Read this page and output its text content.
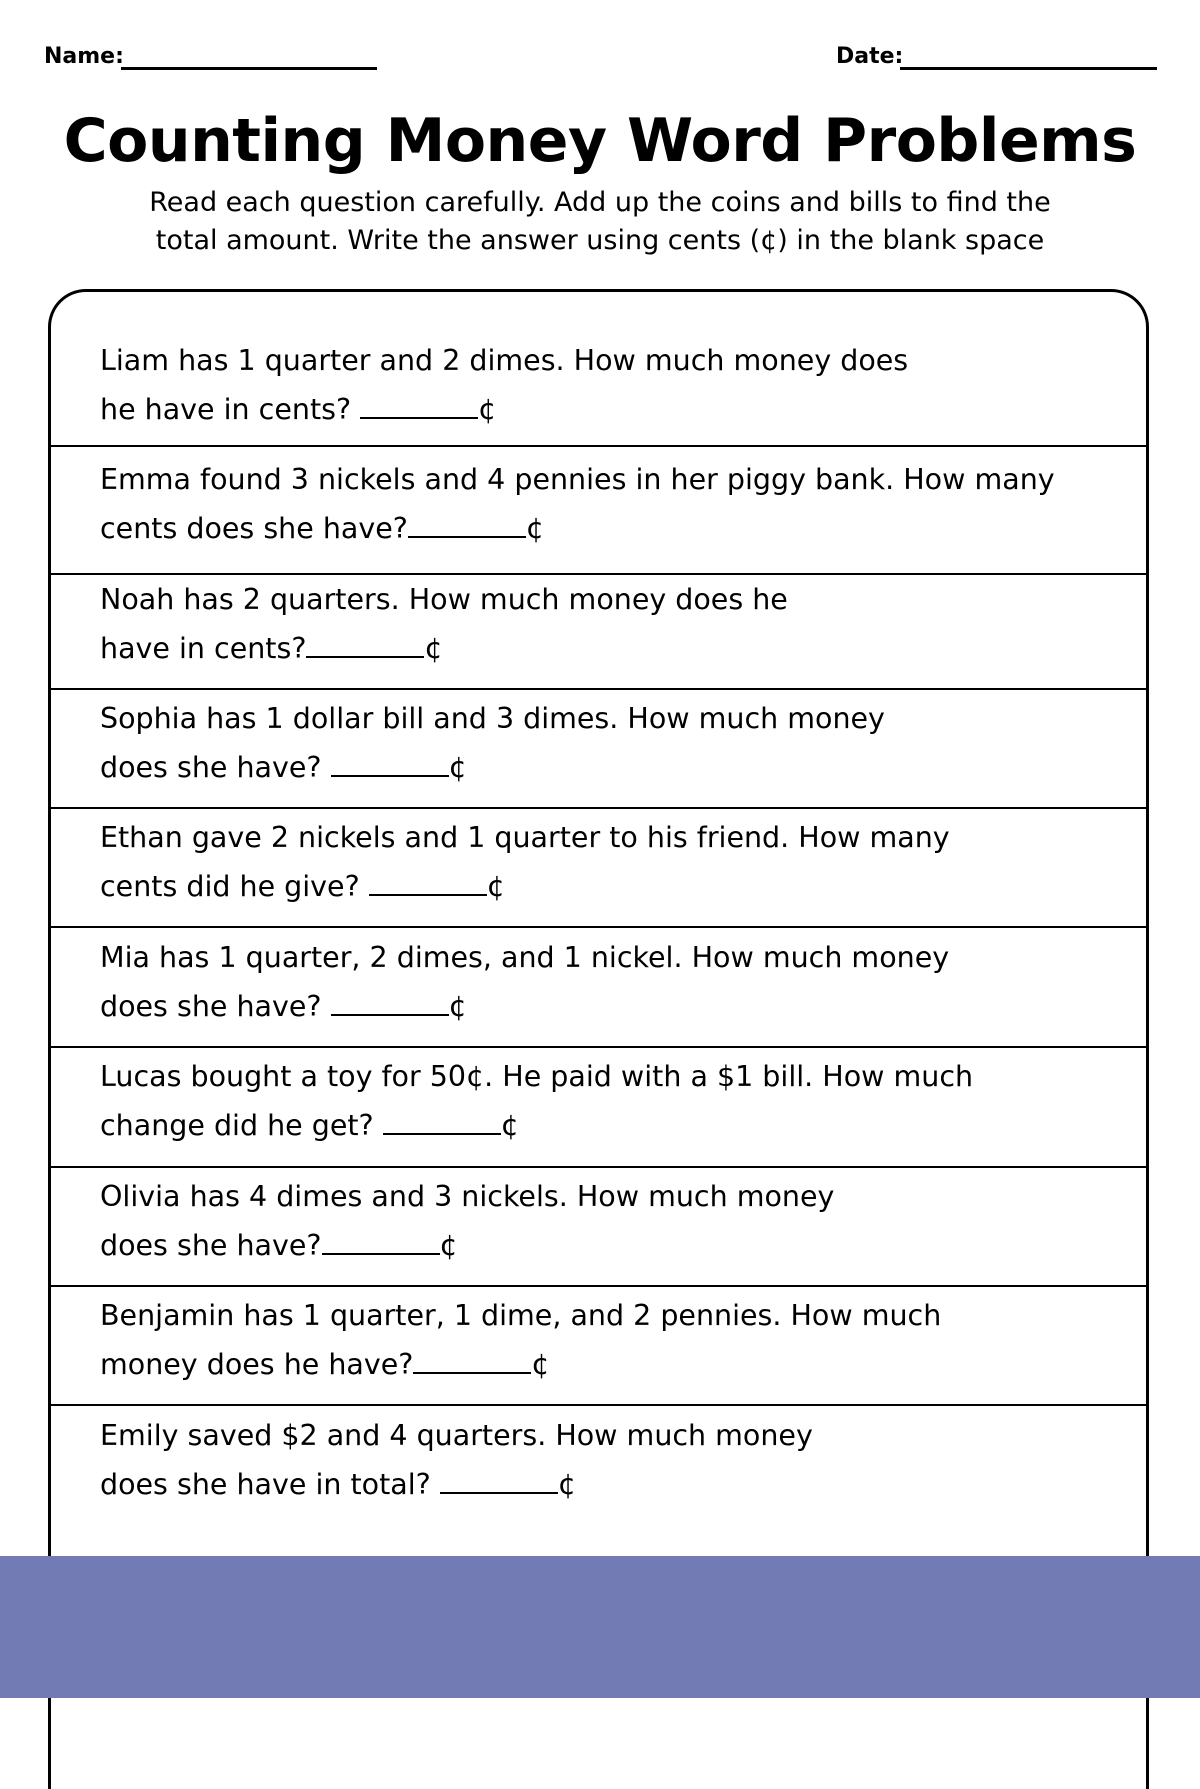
Name:	Date:
Counting Money Word Problems
Read each question carefully. Add up the coins and bills to find the
total amount. Write the answer using cents (¢) in the blank space
Liam has 1 quarter and 2 dimes. How much money does
he have in cents?	¢
Emma found 3 nickels and 4 pennies in her piggy bank. How many
cents does she have?	¢
Noah has 2 quarters. How much money does he
have in cents?	¢
Sophia has 1 dollar bill and 3 dimes. How much money
does she have?	¢
Ethan gave 2 nickels and 1 quarter to his friend. How many
cents did he give?	¢
Mia has 1 quarter, 2 dimes, and 1 nickel. How much money
does she have?	¢
Lucas bought a toy for 50¢. He paid with a $1 bill. How much
change did he get?	¢
Olivia has 4 dimes and 3 nickels. How much money
does she have?	¢
Benjamin has 1 quarter, 1 dime, and 2 pennies. How much
money does he have?	¢
Emily saved $2 and 4 quarters. How much money
does she have in total?	¢
